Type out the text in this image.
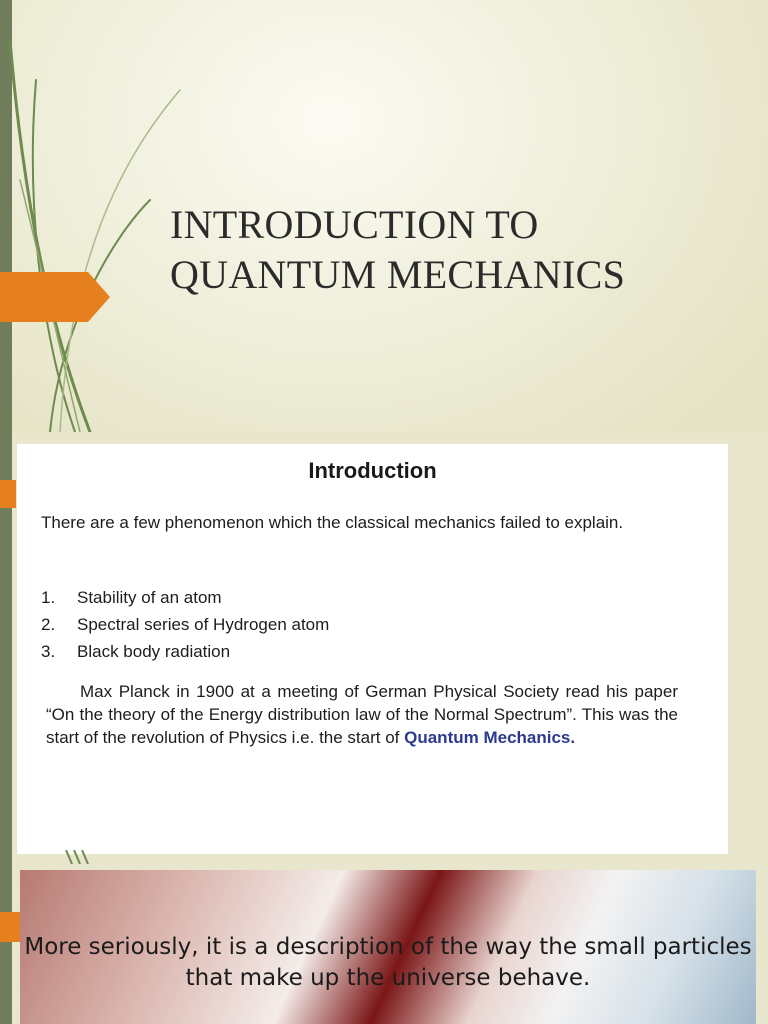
INTRODUCTION TO
QUANTUM MECHANICS
Introduction

There are a few phenomenon which the classical mechanics failed to explain.

1.	Stability of an atom
2.	Spectral series of Hydrogen atom
3.	Black body radiation

Max Planck in 1900 at a meeting of German Physical Society read his paper “On the theory of the Energy distribution law of the Normal Spectrum”. This was the start of the revolution of Physics i.e. the start of Quantum Mechanics.

More seriously, it is a description of the way the small particles that make up the universe behave.
